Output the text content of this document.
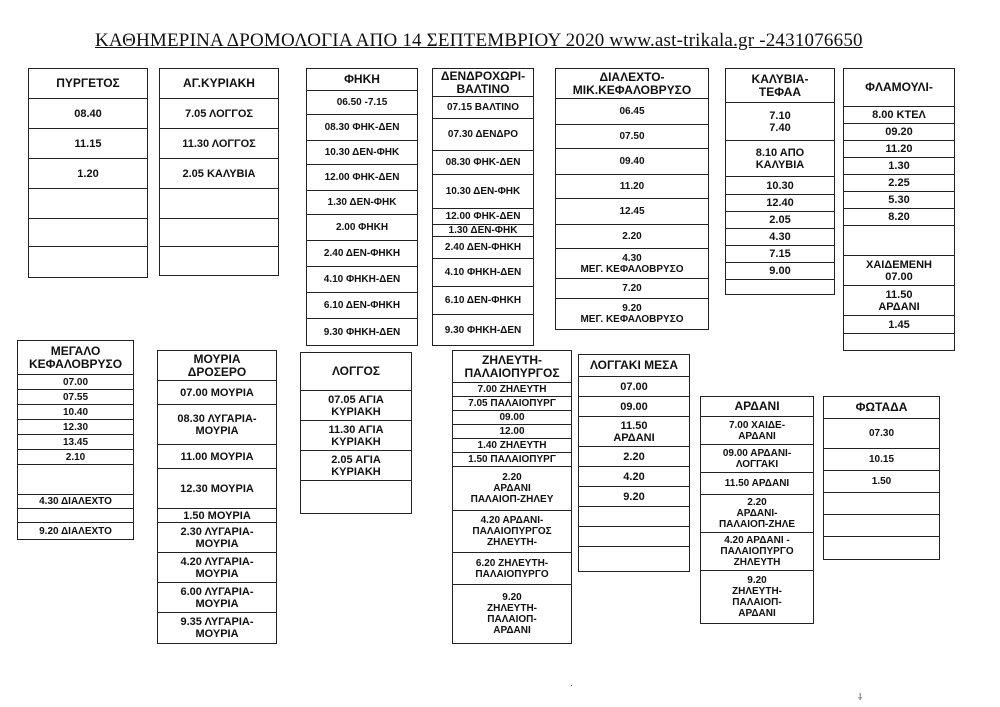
ΚΑΘΗΜΕΡΙΝΑ ΔΡΟΜΟΛΟΓΙΑ ΑΠΟ 14 ΣΕΠΤΕΜΒΡΙΟΥ 2020 www.ast-trikala.gr -2431076650
·
⸸
ΠΥΡΓΕΤΟΣ
08.40
11.15
1.20
ΑΓ.ΚΥΡΙΑΚΗ
7.05 ΛΟΓΓΟΣ
11.30 ΛΟΓΓΟΣ
2.05 ΚΑΛΥΒΙΑ
ΦΗΚΗ
06.50 -7.15
08.30 ΦΗΚ-ΔΕΝ
10.30 ΔΕΝ-ΦΗΚ
12.00 ΦΗΚ-ΔΕΝ
1.30 ΔΕΝ-ΦΗΚ
2.00 ΦΗΚΗ
2.40 ΔΕΝ-ΦΗΚΗ
4.10 ΦΗΚΗ-ΔΕΝ
6.10 ΔΕΝ-ΦΗΚΗ
9.30 ΦΗΚΗ-ΔΕΝ
ΔΕΝΔΡΟΧΩΡΙ-
ΒΑΛΤΙΝΟ
07.15 ΒΑΛΤΙΝΟ
07.30 ΔΕΝΔΡΟ
08.30 ΦΗΚ-ΔΕΝ
10.30 ΔΕΝ-ΦΗΚ
12.00 ΦΗΚ-ΔΕΝ
1.30 ΔΕΝ-ΦΗΚ
2.40 ΔΕΝ-ΦΗΚΗ
4.10 ΦΗΚΗ-ΔΕΝ
6.10 ΔΕΝ-ΦΗΚΗ
9.30 ΦΗΚΗ-ΔΕΝ
ΔΙΑΛΕΧΤΟ-
ΜΙΚ.ΚΕΦΑΛΟΒΡΥΣΟ
06.45
07.50
09.40
11.20
12.45
2.20
4.30
ΜΕΓ. ΚΕΦΑΛΟΒΡΥΣΟ
7.20
9.20
ΜΕΓ. ΚΕΦΑΛΟΒΡΥΣΟ
ΚΑΛΥΒΙΑ-
ΤΕΦΑΑ
7.10
7.40
8.10 ΑΠΟ
ΚΑΛΥΒΙΑ
10.30
12.40
2.05
4.30
7.15
9.00
ΦΛΑΜΟΥΛΙ-
8.00 ΚΤΕΛ
09.20
11.20
1.30
2.25
5.30
8.20
ΧΑΙΔΕΜΕΝΗ
07.00
11.50
ΑΡΔΑΝΙ
1.45
ΜΕΓΑΛΟ
ΚΕΦΑΛΟΒΡΥΣΟ
07.00
07.55
10.40
12.30
13.45
2.10
4.30 ΔΙΑΛΕΧΤΟ
9.20 ΔΙΑΛΕΧΤΟ
ΜΟΥΡΙΑ
ΔΡΟΣΕΡΟ
07.00 ΜΟΥΡΙΑ
08.30 ΛΥΓΑΡΙΑ-
ΜΟΥΡΙΑ
11.00 ΜΟΥΡΙΑ
12.30 ΜΟΥΡΙΑ
1.50 ΜΟΥΡΙΑ
2.30 ΛΥΓΑΡΙΑ-
ΜΟΥΡΙΑ
4.20 ΛΥΓΑΡΙΑ-
ΜΟΥΡΙΑ
6.00 ΛΥΓΑΡΙΑ-
ΜΟΥΡΙΑ
9.35 ΛΥΓΑΡΙΑ-
ΜΟΥΡΙΑ
ΛΟΓΓΟΣ
07.05 ΑΓΙΑ
ΚΥΡΙΑΚΗ
11.30 ΑΓΙΑ
ΚΥΡΙΑΚΗ
2.05 ΑΓΙΑ
ΚΥΡΙΑΚΗ
ΖΗΛΕΥΤΗ-
ΠΑΛΑΙΟΠΥΡΓΟΣ
7.00 ΖΗΛΕΥΤΗ
7.05 ΠΑΛΑΙΟΠΥΡΓ
09.00
12.00
1.40 ΖΗΛΕΥΤΗ
1.50 ΠΑΛΑΙΟΠΥΡΓ
2.20
ΑΡΔΑΝΙ
ΠΑΛΑΙΟΠ-ΖΗΛΕΥ
4.20 ΑΡΔΑΝΙ-
ΠΑΛΑΙΟΠΥΡΓΟΣ
ΖΗΛΕΥΤΗ-
6.20 ΖΗΛΕΥΤΗ-
ΠΑΛΑΙΟΠΥΡΓΟ
9.20
ΖΗΛΕΥΤΗ-
ΠΑΛΑΙΟΠ-
ΑΡΔΑΝΙ
ΛΟΓΓΑΚΙ ΜΕΣΑ
07.00
09.00
11.50
ΑΡΔΑΝΙ
2.20
4.20
9.20
ΑΡΔΑΝΙ
7.00 ΧΑΙΔΕ-
ΑΡΔΑΝΙ
09.00 ΑΡΔΑΝΙ-
ΛΟΓΓΑΚΙ
11.50 ΑΡΔΑΝΙ
2.20
ΑΡΔΑΝΙ-
ΠΑΛΑΙΟΠ-ΖΗΛΕ
4.20 ΑΡΔΑΝΙ -
ΠΑΛΑΙΟΠΥΡΓΟ
ΖΗΛΕΥΤΗ
9.20
ΖΗΛΕΥΤΗ-
ΠΑΛΑΙΟΠ-
ΑΡΔΑΝΙ
ΦΩΤΑΔΑ
07.30
10.15
1.50
